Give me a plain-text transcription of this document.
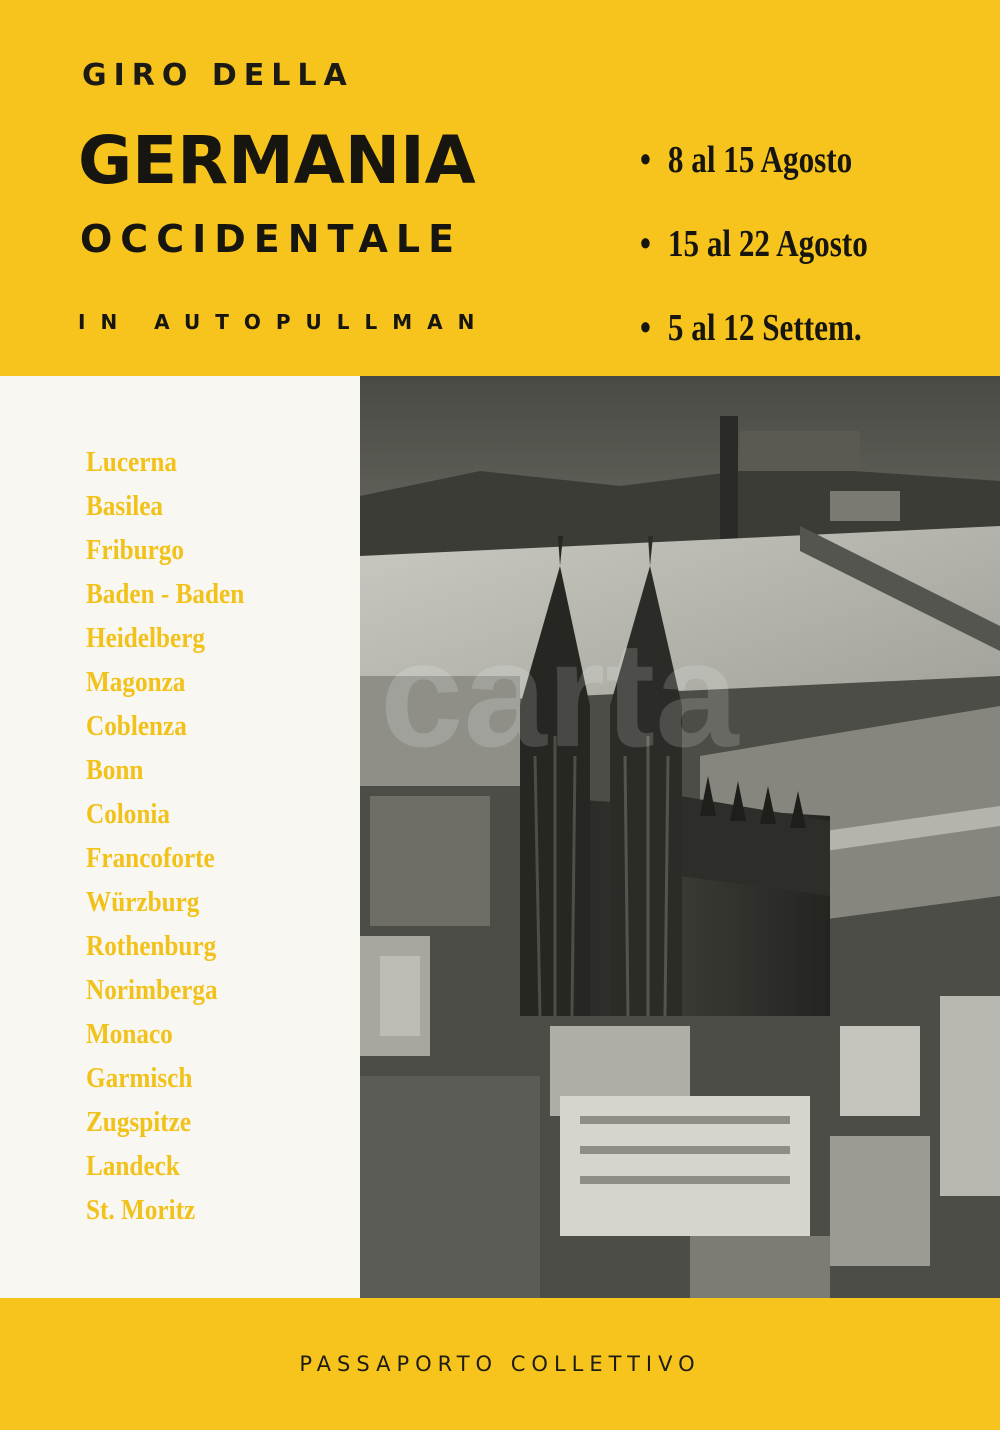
GIRO DELLA
GERMANIA
OCCIDENTALE

IN AUTOPULLMAN

• 8 al 15 Agosto
• 15 al 22 Agosto
• 5 al 12 Settem.
Lucerna
Basilea
Friburgo
Baden - Baden
Heidelberg
Magonza
Coblenza
Bonn
Colonia
Francoforte
Würzburg
Rothenburg
Norimberga
Monaco
Garmisch
Zugspitze
Landeck
St. Moritz
carta

PASSAPORTO COLLETTIVO
